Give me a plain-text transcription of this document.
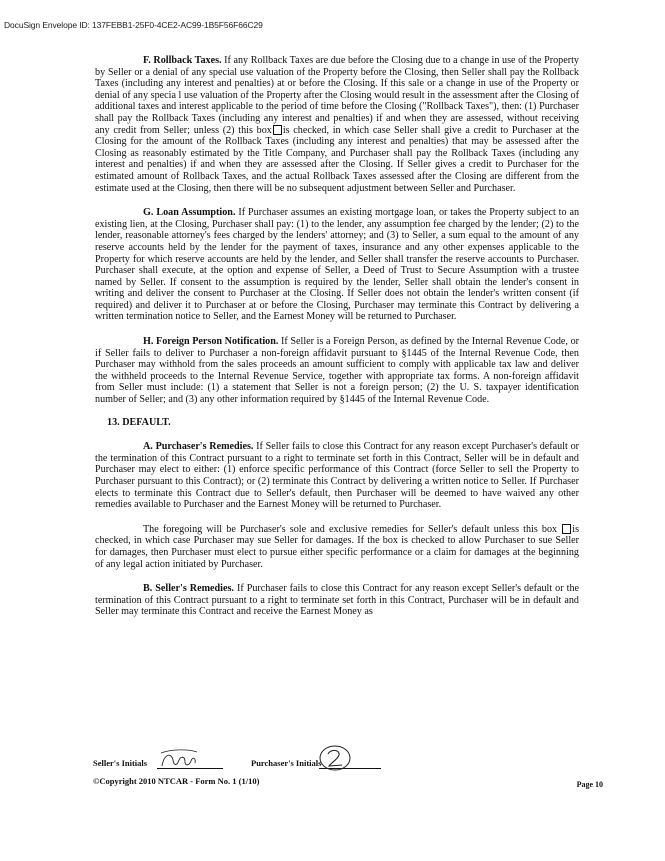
DocuSign Envelope ID: 137FEBB1-25F0-4CE2-AC99-1B5F56F66C29

F. Rollback Taxes. If any Rollback Taxes are due before the Closing due to a change in use of the Property by Seller or a denial of any special use valuation of the Property before the Closing, then Seller shall pay the Rollback Taxes (including any interest and penalties) at or before the Closing. If this sale or a change in use of the Property or denial of any specia l use valuation of the Property after the Closing would result in the assessment after the Closing of additional taxes and interest applicable to the period of time before the Closing ("Rollback Taxes"), then: (1) Purchaser shall pay the Rollback Taxes (including any interest and penalties) if and when they are assessed, without receiving any credit from Seller; unless (2) this box is checked, in which case Seller shall give a credit to Purchaser at the Closing for the amount of the Rollback Taxes (including any interest and penalties) that may be assessed after the Closing as reasonably estimated by the Title Company, and Purchaser shall pay the Rollback Taxes (including any interest and penalties) if and when they are assessed after the Closing. If Seller gives a credit to Purchaser for the estimated amount of Rollback Taxes, and the actual Rollback Taxes assessed after the Closing are different from the estimate used at the Closing, then there will be no subsequent adjustment between Seller and Purchaser.

G. Loan Assumption. If Purchaser assumes an existing mortgage loan, or takes the Property subject to an existing lien, at the Closing, Purchaser shall pay: (1) to the lender, any assumption fee charged by the lender; (2) to the lender, reasonable attorney's fees charged by the lenders' attorney; and (3) to Seller, a sum equal to the amount of any reserve accounts held by the lender for the payment of taxes, insurance and any other expenses applicable to the Property for which reserve accounts are held by the lender, and Seller shall transfer the reserve accounts to Purchaser. Purchaser shall execute, at the option and expense of Seller, a Deed of Trust to Secure Assumption with a trustee named by Seller. If consent to the assumption is required by the lender, Seller shall obtain the lender's consent in writing and deliver the consent to Purchaser at the Closing. If Seller does not obtain the lender's written consent (if required) and deliver it to Purchaser at or before the Closing, Purchaser may terminate this Contract by delivering a written termination notice to Seller, and the Earnest Money will be returned to Purchaser.

H. Foreign Person Notification. If Seller is a Foreign Person, as defined by the Internal Revenue Code, or if Seller fails to deliver to Purchaser a non-foreign affidavit pursuant to §1445 of the Internal Revenue Code, then Purchaser may withhold from the sales proceeds an amount sufficient to comply with applicable tax law and deliver the withheld proceeds to the Internal Revenue Service, together with appropriate tax forms. A non-foreign affidavit from Seller must include: (1) a statement that Seller is not a foreign person; (2) the U. S. taxpayer identification number of Seller; and (3) any other information required by §1445 of the Internal Revenue Code.

13. DEFAULT.

A. Purchaser's Remedies. If Seller fails to close this Contract for any reason except Purchaser's default or the termination of this Contract pursuant to a right to terminate set forth in this Contract, Seller will be in default and Purchaser may elect to either: (1) enforce specific performance of this Contract (force Seller to sell the Property to Purchaser pursuant to this Contract); or (2) terminate this Contract by delivering a written notice to Seller. If Purchaser elects to terminate this Contract due to Seller's default, then Purchaser will be deemed to have waived any other remedies available to Purchaser and the Earnest Money will be returned to Purchaser.

The foregoing will be Purchaser's sole and exclusive remedies for Seller's default unless this box is checked, in which case Purchaser may sue Seller for damages. If the box is checked to allow Purchaser to sue Seller for damages, then Purchaser must elect to pursue either specific performance or a claim for damages at the beginning of any legal action initiated by Purchaser.

B. Seller's Remedies. If Purchaser fails to close this Contract for any reason except Seller's default or the termination of this Contract pursuant to a right to terminate set forth in this Contract, Purchaser will be in default and Seller may terminate this Contract and receive the Earnest Money as

Seller's Initials	Purchaser's Initials
©Copyright 2010 NTCAR - Form No. 1 (1/10)	Page 10
